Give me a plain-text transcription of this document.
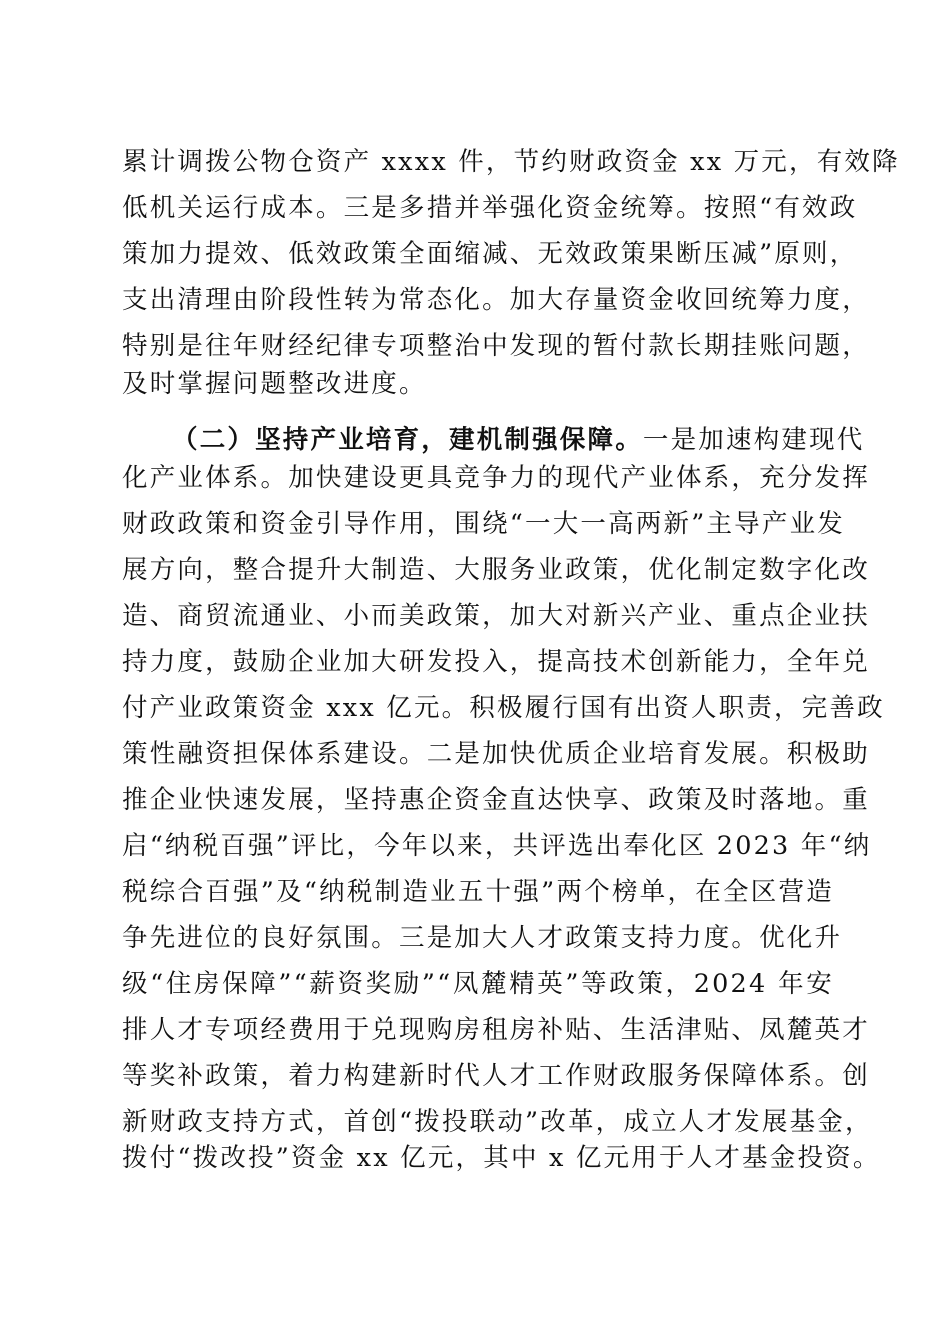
累计调拨公物仓资产 xxxx 件，节约财政资金 xx 万元，有效降
低机关运行成本。三是多措并举强化资金统筹。按照“有效政
策加力提效、低效政策全面缩减、无效政策果断压减”原则，
支出清理由阶段性转为常态化。加大存量资金收回统筹力度，
特别是往年财经纪律专项整治中发现的暂付款长期挂账问题，
及时掌握问题整改进度。
（二）坚持产业培育，建机制强保障。一是加速构建现代
化产业体系。加快建设更具竞争力的现代产业体系，充分发挥
财政政策和资金引导作用，围绕“一大一高两新”主导产业发
展方向，整合提升大制造、大服务业政策，优化制定数字化改
造、商贸流通业、小而美政策，加大对新兴产业、重点企业扶
持力度，鼓励企业加大研发投入，提高技术创新能力，全年兑
付产业政策资金 xxx 亿元。积极履行国有出资人职责，完善政
策性融资担保体系建设。二是加快优质企业培育发展。积极助
推企业快速发展，坚持惠企资金直达快享、政策及时落地。重
启“纳税百强”评比，今年以来，共评选出奉化区 2023 年“纳
税综合百强”及“纳税制造业五十强”两个榜单，在全区营造
争先进位的良好氛围。三是加大人才政策支持力度。优化升
级“住房保障”“薪资奖励”“凤麓精英”等政策，2024 年安
排人才专项经费用于兑现购房租房补贴、生活津贴、凤麓英才
等奖补政策，着力构建新时代人才工作财政服务保障体系。创
新财政支持方式，首创“拨投联动”改革，成立人才发展基金，
拨付“拨改投”资金 xx 亿元，其中 x 亿元用于人才基金投资。
